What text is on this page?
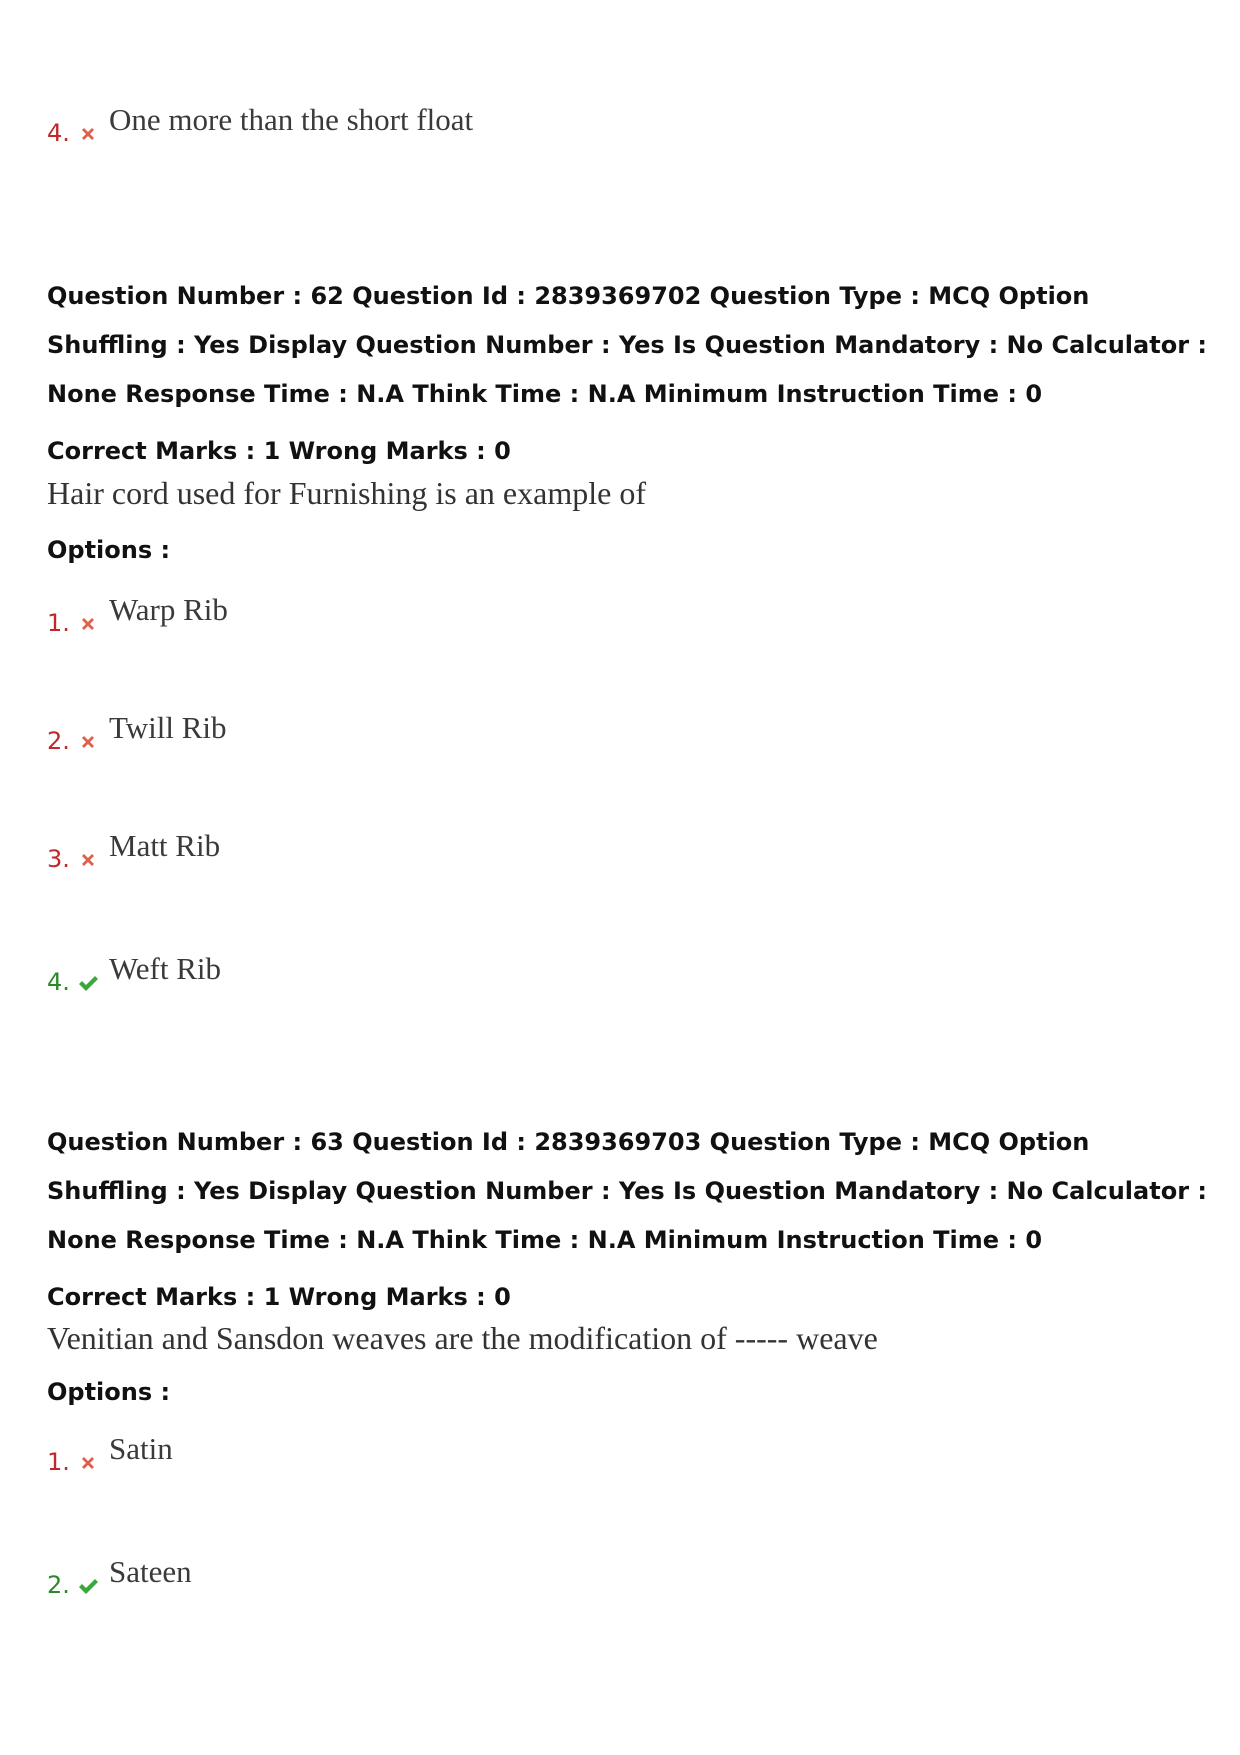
4. One more than the short float
Question Number : 62 Question Id : 2839369702 Question Type : MCQ Option Shuffling : Yes Display Question Number : Yes Is Question Mandatory : No Calculator : None Response Time : N.A Think Time : N.A Minimum Instruction Time : 0
Correct Marks : 1 Wrong Marks : 0
Hair cord used for Furnishing is an example of
Options :
1. Warp Rib
2. Twill Rib
3. Matt Rib
4. Weft Rib
Question Number : 63 Question Id : 2839369703 Question Type : MCQ Option Shuffling : Yes Display Question Number : Yes Is Question Mandatory : No Calculator : None Response Time : N.A Think Time : N.A Minimum Instruction Time : 0
Correct Marks : 1 Wrong Marks : 0
Venitian and Sansdon weaves are the modification of ----- weave
Options :
1. Satin
2. Sateen
